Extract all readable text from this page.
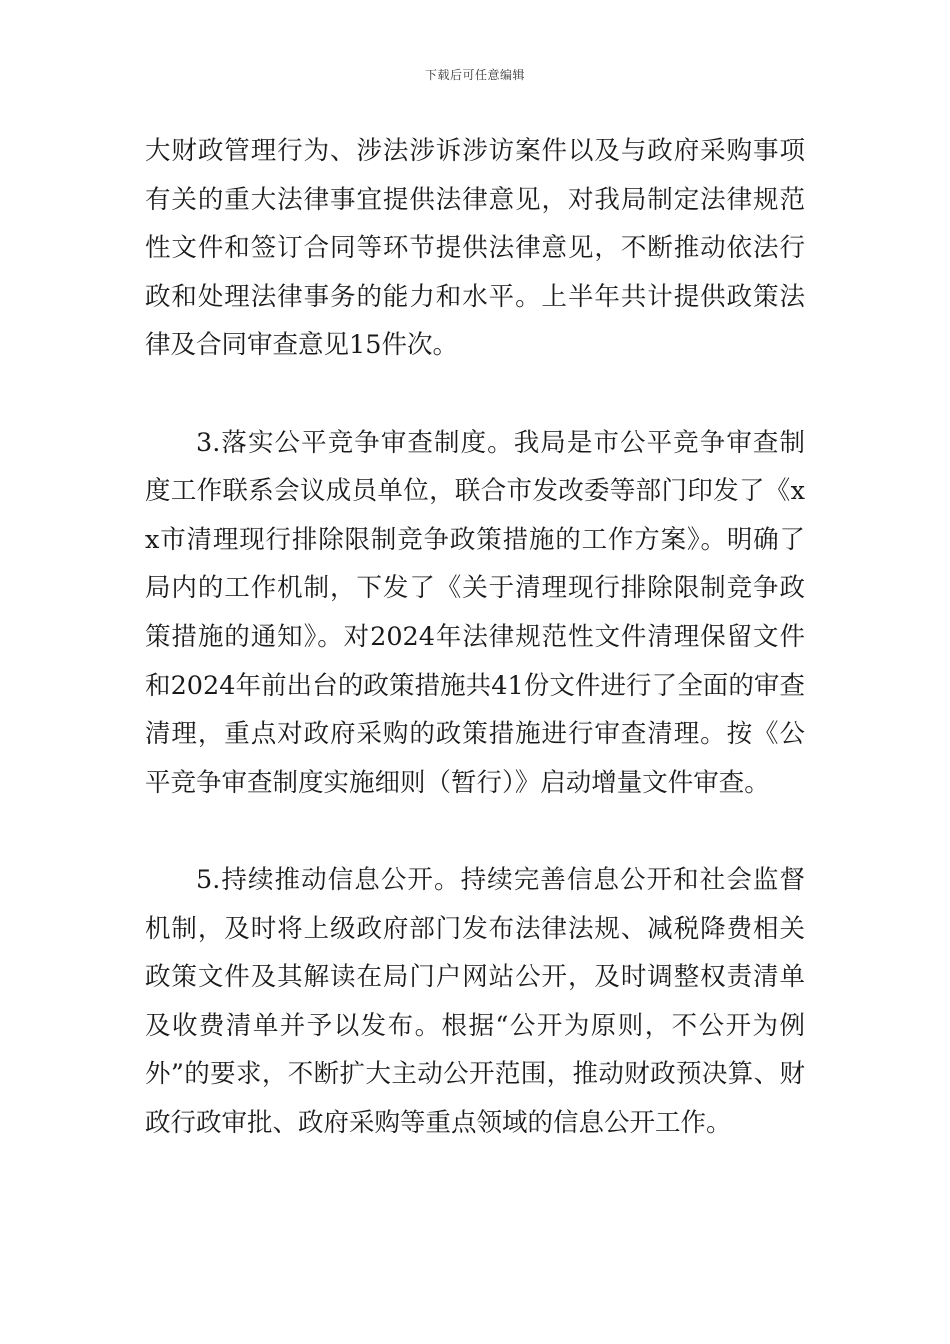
下载后可任意编辑

大财政管理行为、涉法涉诉涉访案件以及与政府采购事项有关的重大法律事宜提供法律意见，对我局制定法律规范性文件和签订合同等环节提供法律意见，不断推动依法行政和处理法律事务的能力和水平。上半年共计提供政策法律及合同审查意见15件次。

3.落实公平竞争审查制度。我局是市公平竞争审查制度工作联系会议成员单位，联合市发改委等部门印发了《xx市清理现行排除限制竞争政策措施的工作方案》。明确了局内的工作机制，下发了《关于清理现行排除限制竞争政策措施的通知》。对2024年法律规范性文件清理保留文件和2024年前出台的政策措施共41份文件进行了全面的审查清理，重点对政府采购的政策措施进行审查清理。按《公平竞争审查制度实施细则（暂行）》启动增量文件审查。

5.持续推动信息公开。持续完善信息公开和社会监督机制，及时将上级政府部门发布法律法规、减税降费相关政策文件及其解读在局门户网站公开，及时调整权责清单及收费清单并予以发布。根据“公开为原则，不公开为例外”的要求，不断扩大主动公开范围，推动财政预决算、财政行政审批、政府采购等重点领域的信息公开工作。
